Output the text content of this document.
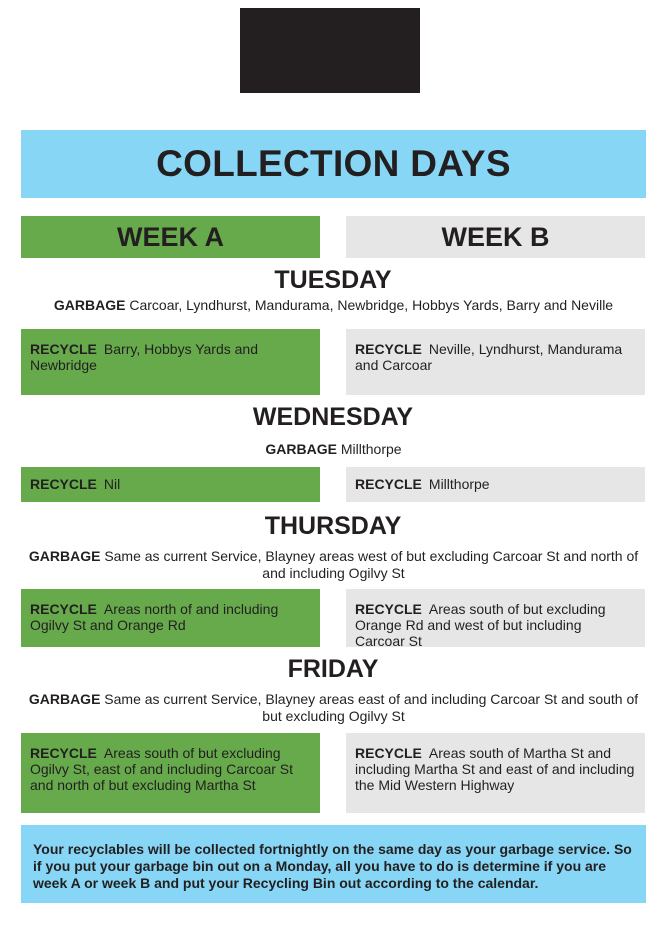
COLLECTION DAYS
WEEK A	WEEK B
TUESDAY

GARBAGE Carcoar, Lyndhurst, Mandurama, Newbridge, Hobbys Yards, Barry and Neville

RECYCLE Barry, Hobbys Yards and Newbridge
RECYCLE Neville, Lyndhurst, Mandurama and Carcoar
WEDNESDAY

GARBAGE Millthorpe

RECYCLE Nil	RECYCLE Millthorpe
THURSDAY

GARBAGE Same as current Service, Blayney areas west of but excluding Carcoar St and north of and including Ogilvy St

RECYCLE Areas north of and including Ogilvy St and Orange Rd
RECYCLE Areas south of but excluding Orange Rd and west of but including Carcoar St
FRIDAY

GARBAGE Same as current Service, Blayney areas east of and including Carcoar St and south of but excluding Ogilvy St

RECYCLE Areas south of but excluding Ogilvy St, east of and including Carcoar St and north of but excluding Martha St
RECYCLE Areas south of Martha St and including Martha St and east of and including the Mid Western Highway
Your recyclables will be collected fortnightly on the same day as your garbage service. So if you put your garbage bin out on a Monday, all you have to do is determine if you are week A or week B and put your Recycling Bin out according to the calendar.
